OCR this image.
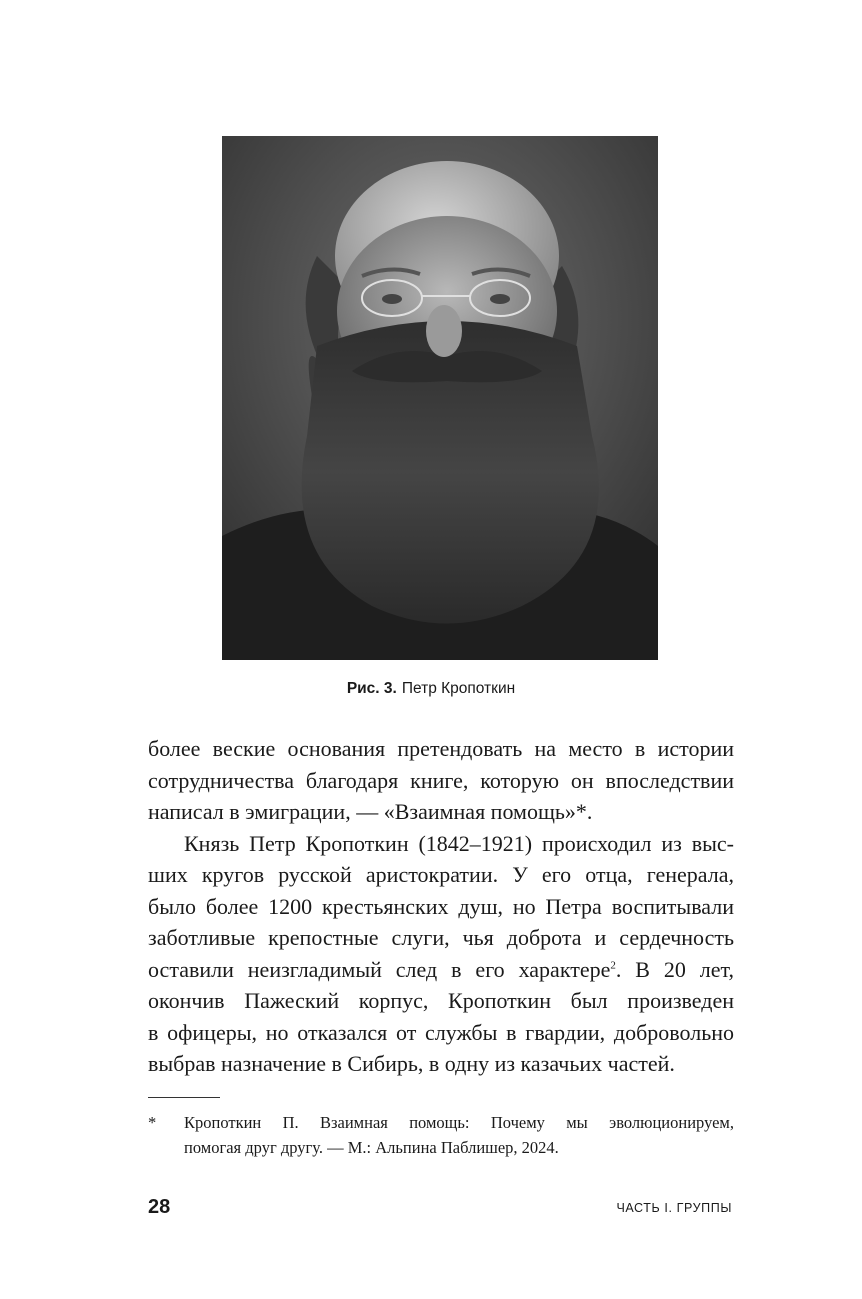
Рис. 3. Петр Кропоткин
более веские основания претендовать на место в истории
сотрудничества благодаря книге, которую он впоследствии
написал в эмиграции, — «Взаимная помощь»*.
Князь Петр Кропоткин (1842–1921) происходил из выс-
ших кругов русской аристократии. У его отца, генерала,
было более 1200 крестьянских душ, но Петра воспитывали
заботливые крепостные слуги, чья доброта и сердечность
оставили неизгладимый след в его характере$^2$. В 20 лет,
окончив Пажеский корпус, Кропоткин был произведен
в офицеры, но отказался от службы в гвардии, добровольно
выбрав назначение в Сибирь, в одну из казачьих частей.
* Кропоткин П. Взаимная помощь: Почему мы эволюционируем,
помогая друг другу. — М.: Альпина Паблишер, 2024.
28	ЧАСТЬ I. ГРУППЫ
